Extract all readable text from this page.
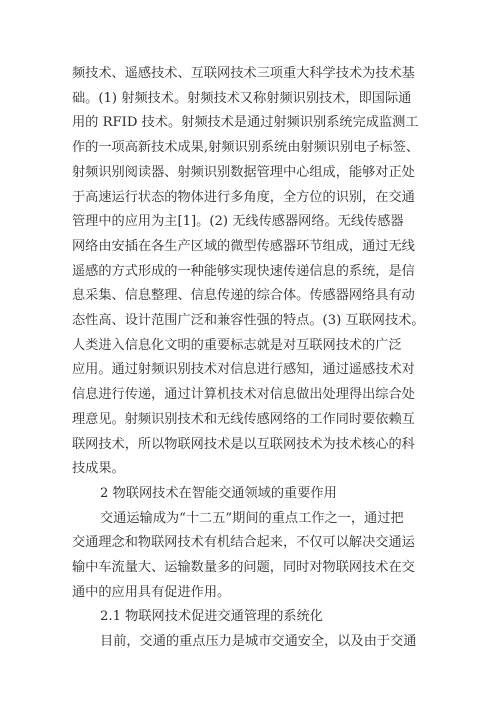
频技术、遥感技术、互联网技术三项重大科学技术为技术基
础。(1) 射频技术。射频技术又称射频识别技术，即国际通
用的 RFID 技术。射频技术是通过射频识别系统完成监测工
作的一项高新技术成果,射频识别系统由射频识别电子标签、
射频识别阅读器、射频识别数据管理中心组成，能够对正处
于高速运行状态的物体进行多角度，全方位的识别，在交通
管理中的应用为主[1]。(2) 无线传感器网络。无线传感器
网络由安插在各生产区域的微型传感器环节组成，通过无线
遥感的方式形成的一种能够实现快速传递信息的系统，是信
息采集、信息整理、信息传递的综合体。传感器网络具有动
态性高、设计范围广泛和兼容性强的特点。(3) 互联网技术。
人类进入信息化文明的重要标志就是对互联网技术的广泛
应用。通过射频识别技术对信息进行感知，通过遥感技术对
信息进行传递，通过计算机技术对信息做出处理得出综合处
理意见。射频识别技术和无线传感网络的工作同时要依赖互
联网技术，所以物联网技术是以互联网技术为技术核心的科
技成果。
2 物联网技术在智能交通领域的重要作用
交通运输成为“十二五”期间的重点工作之一，通过把
交通理念和物联网技术有机结合起来，不仅可以解决交通运
输中车流量大、运输数量多的问题，同时对物联网技术在交
通中的应用具有促进作用。
2.1 物联网技术促进交通管理的系统化
目前，交通的重点压力是城市交通安全，以及由于交通
